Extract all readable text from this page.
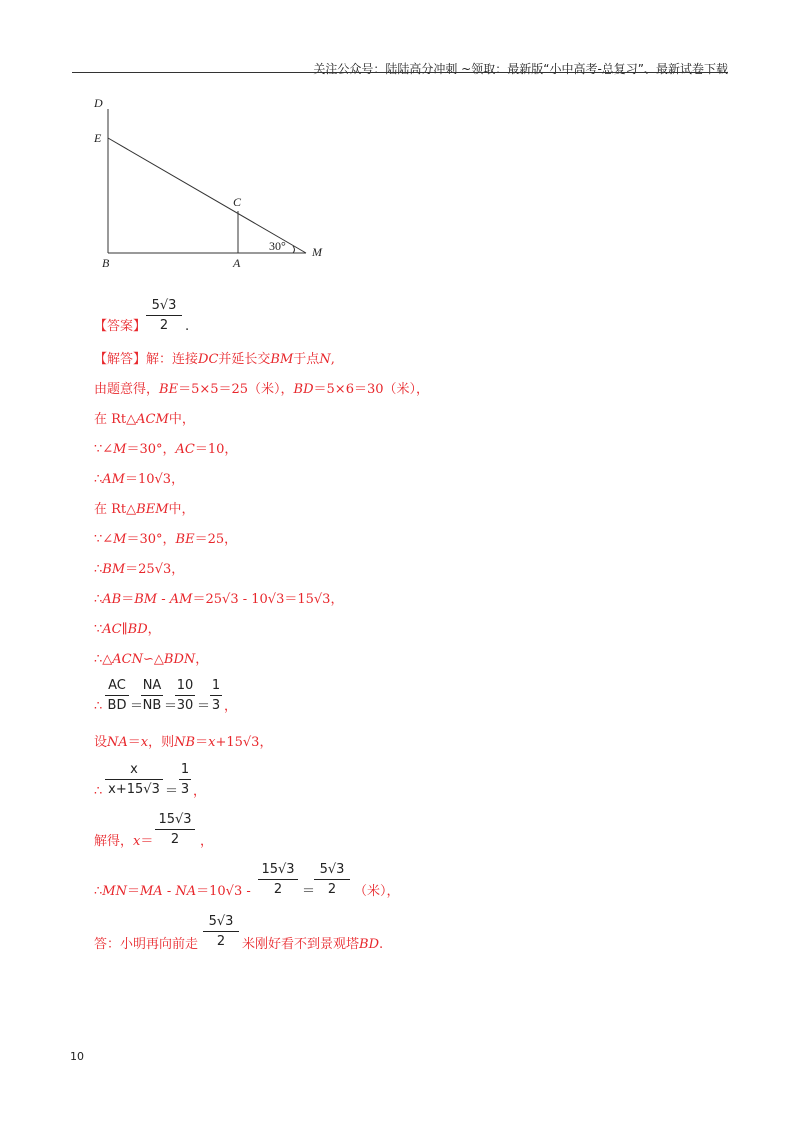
关注公众号：陆陆高分冲刺 ~领取：最新版“小中高考-总复习”、最新试卷下载
D
E
C
B	A
M
30°
【答案】
5√3
2	.
【解答】解：连接DC并延长交BM于点N,
由题意得，BE＝5×5＝25（米），BD＝5×6＝30（米），
在 Rt△ACM中，
∵∠M＝30°，AC＝10，
∴AM＝10√3，
在 Rt△BEM中，
∵∠M＝30°，BE＝25，
∴BM＝25√3，
∴AB＝BM - AM＝25√3 - 10√3＝15√3，
∵AC∥BD，
∴△ACN∽△BDN，
∴
AC
BD ＝
NA
NB ＝
10
30 ＝
1
3 ，
设NA＝x，则NB＝x+15√3，
∴
x
x+15√3 ＝
1
3 ，
解得，x＝
15√3
2	，
∴MN＝MA - NA＝10√3 -
15√3
2	＝
5√3
2	（米），
答：小明再向前走
5√3
2	米刚好看不到景观塔BD.
10
